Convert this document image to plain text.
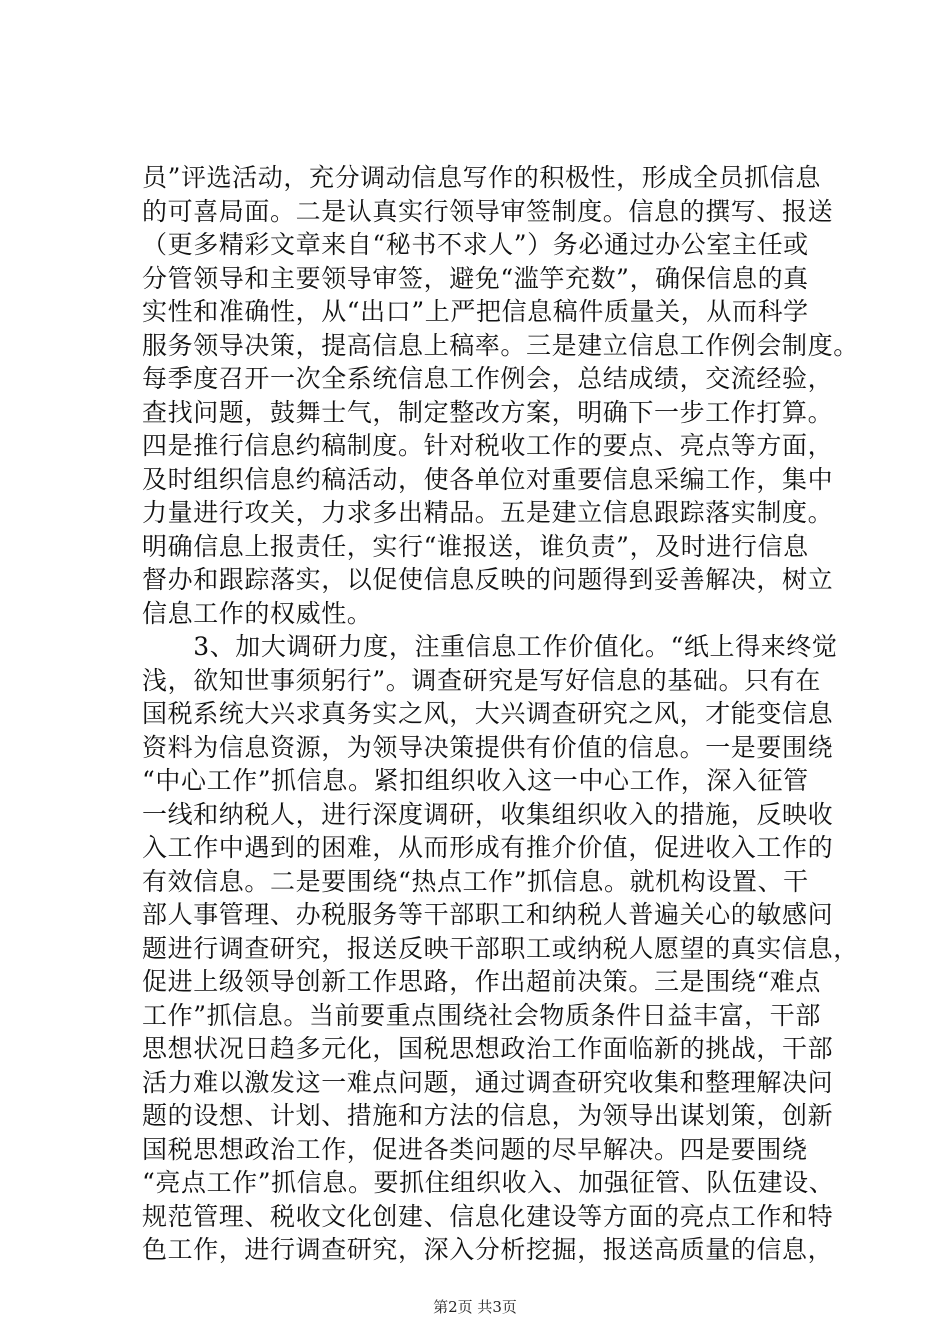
员”评选活动，充分调动信息写作的积极性，形成全员抓信息
的可喜局面。二是认真实行领导审签制度。信息的撰写、报送
（更多精彩文章来自“秘书不求人”）务必通过办公室主任或
分管领导和主要领导审签，避免“滥竽充数”，确保信息的真
实性和准确性，从“出口”上严把信息稿件质量关，从而科学
服务领导决策，提高信息上稿率。三是建立信息工作例会制度。
每季度召开一次全系统信息工作例会，总结成绩，交流经验，
查找问题，鼓舞士气，制定整改方案，明确下一步工作打算。
四是推行信息约稿制度。针对税收工作的要点、亮点等方面，
及时组织信息约稿活动，使各单位对重要信息采编工作，集中
力量进行攻关，力求多出精品。五是建立信息跟踪落实制度。
明确信息上报责任，实行“谁报送，谁负责”，及时进行信息
督办和跟踪落实，以促使信息反映的问题得到妥善解决，树立
信息工作的权威性。
　　3、加大调研力度，注重信息工作价值化。“纸上得来终觉
浅，欲知世事须躬行”。调查研究是写好信息的基础。只有在
国税系统大兴求真务实之风，大兴调查研究之风，才能变信息
资料为信息资源，为领导决策提供有价值的信息。一是要围绕
“中心工作”抓信息。紧扣组织收入这一中心工作，深入征管
一线和纳税人，进行深度调研，收集组织收入的措施，反映收
入工作中遇到的困难，从而形成有推介价值，促进收入工作的
有效信息。二是要围绕“热点工作”抓信息。就机构设置、干
部人事管理、办税服务等干部职工和纳税人普遍关心的敏感问
题进行调查研究，报送反映干部职工或纳税人愿望的真实信息，
促进上级领导创新工作思路，作出超前决策。三是围绕“难点
工作”抓信息。当前要重点围绕社会物质条件日益丰富，干部
思想状况日趋多元化，国税思想政治工作面临新的挑战，干部
活力难以激发这一难点问题，通过调查研究收集和整理解决问
题的设想、计划、措施和方法的信息，为领导出谋划策，创新
国税思想政治工作，促进各类问题的尽早解决。四是要围绕
“亮点工作”抓信息。要抓住组织收入、加强征管、队伍建设、
规范管理、税收文化创建、信息化建设等方面的亮点工作和特
色工作，进行调查研究，深入分析挖掘，报送高质量的信息，
第2页 共3页
